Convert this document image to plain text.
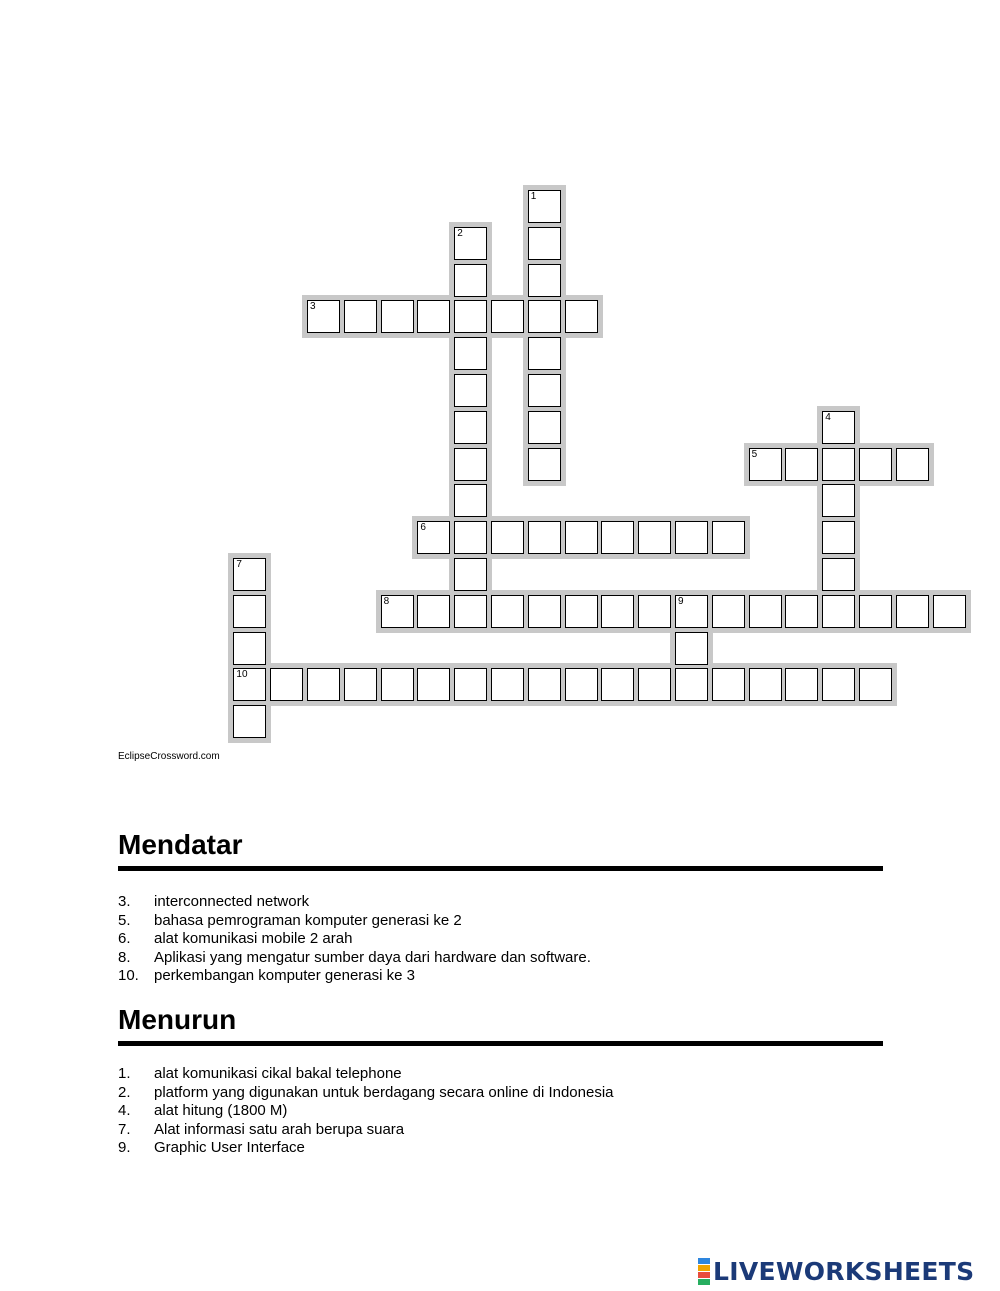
3
5
6
8	9
10
1
2
4
7
EclipseCrossword.com
Mendatar
3. interconnected network
5. bahasa pemrograman komputer generasi ke 2
6. alat komunikasi mobile 2 arah
8. Aplikasi yang mengatur sumber daya dari hardware dan software.
10. perkembangan komputer generasi ke 3
Menurun
1. alat komunikasi cikal bakal telephone
2. platform yang digunakan untuk berdagang secara online di Indonesia
4. alat hitung (1800 M)
7. Alat informasi satu arah berupa suara
9. Graphic User Interface
LIVEWORKSHEETS
